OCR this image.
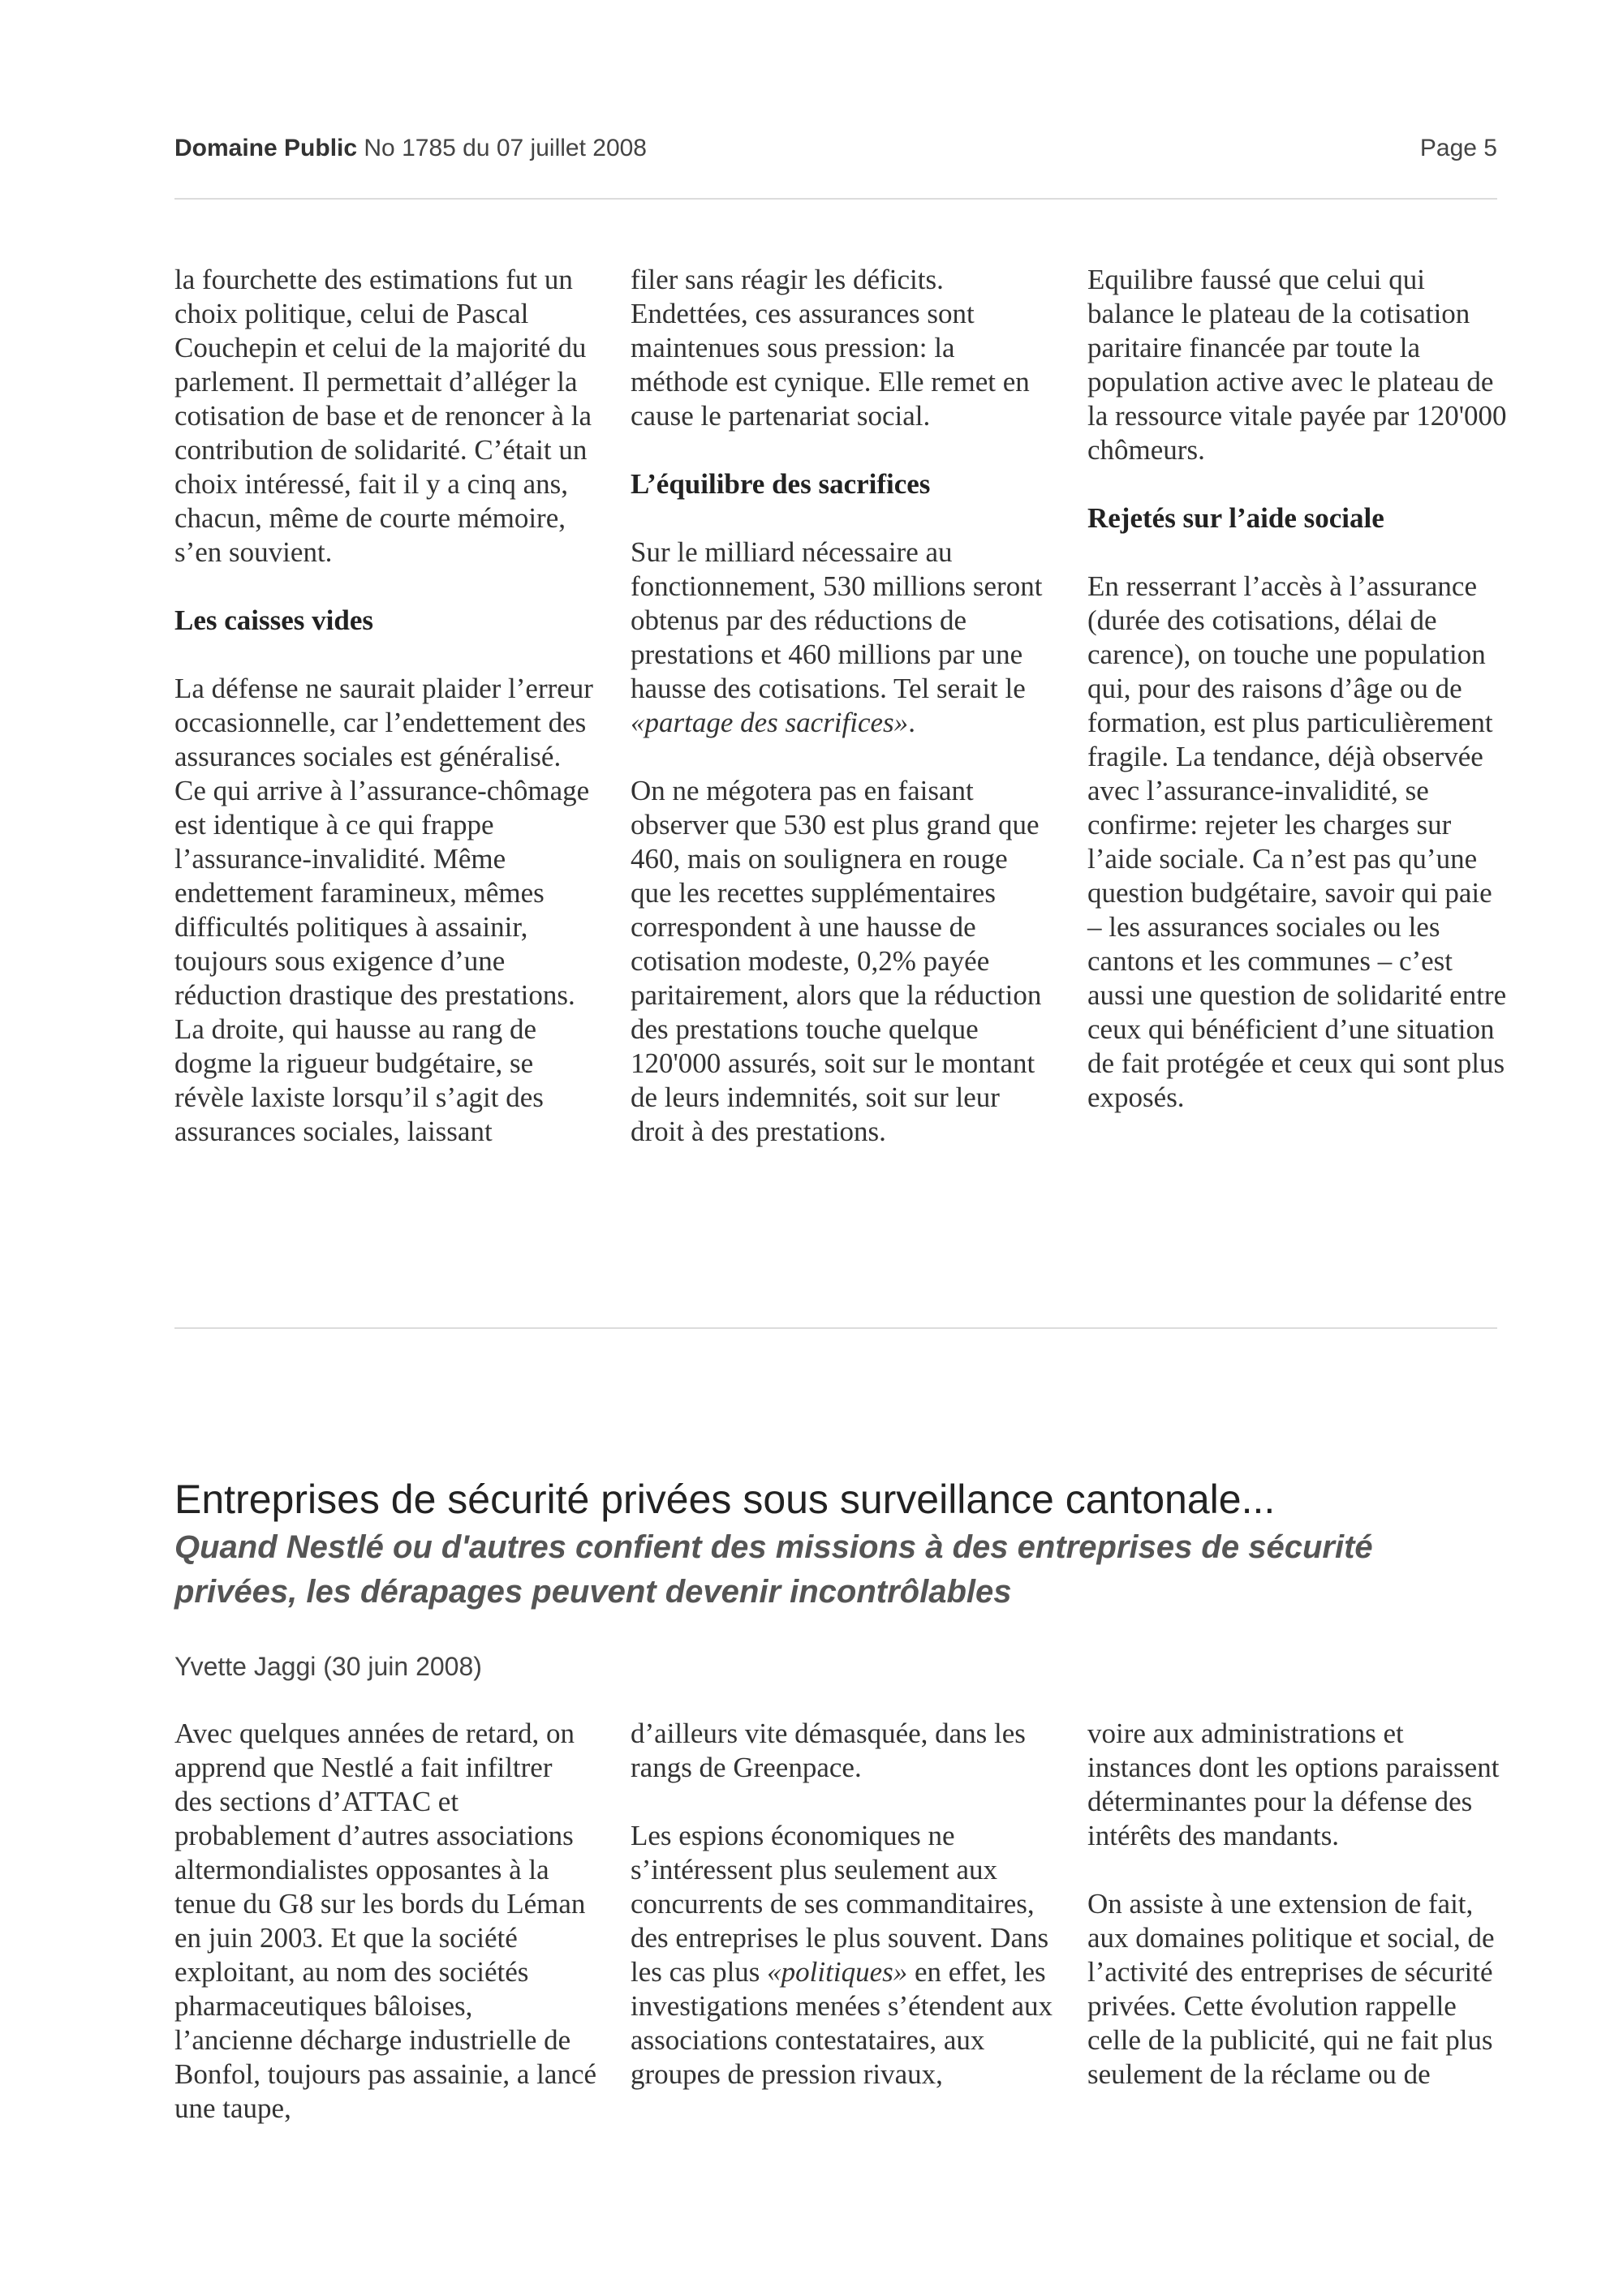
Domaine Public No 1785 du 07 juillet 2008	Page 5

la fourchette des estimations fut un choix politique, celui de Pascal Couchepin et celui de la majorité du parlement. Il permettait d’alléger la cotisation de base et de renoncer à la contribution de solidarité. C’était un choix intéressé, fait il y a cinq ans, chacun, même de courte mémoire, s’en souvient.

Les caisses vides

La défense ne saurait plaider l’erreur occasionnelle, car l’endettement des assurances sociales est généralisé. Ce qui arrive à l’assurance-chômage est identique à ce qui frappe l’assurance-invalidité. Même endettement faramineux, mêmes difficultés politiques à assainir, toujours sous exigence d’une réduction drastique des prestations. La droite, qui hausse au rang de dogme la rigueur budgétaire, se révèle laxiste lorsqu’il s’agit des assurances sociales, laissant

filer sans réagir les déficits. Endettées, ces assurances sont maintenues sous pression: la méthode est cynique. Elle remet en cause le partenariat social.

L’équilibre des sacrifices

Sur le milliard nécessaire au fonctionnement, 530 millions seront obtenus par des réductions de prestations et 460 millions par une hausse des cotisations. Tel serait le «partage des sacrifices».

On ne mégotera pas en faisant observer que 530 est plus grand que 460, mais on soulignera en rouge que les recettes supplémentaires correspondent à une hausse de cotisation modeste, 0,2% payée paritairement, alors que la réduction des prestations touche quelque 120'000 assurés, soit sur le montant de leurs indemnités, soit sur leur droit à des prestations.

Equilibre faussé que celui qui balance le plateau de la cotisation paritaire financée par toute la population active avec le plateau de la ressource vitale payée par 120'000 chômeurs.

Rejetés sur l’aide sociale

En resserrant l’accès à l’assurance (durée des cotisations, délai de carence), on touche une population qui, pour des raisons d’âge ou de formation, est plus particulièrement fragile. La tendance, déjà observée avec l’assurance-invalidité, se confirme: rejeter les charges sur l’aide sociale. Ca n’est pas qu’une question budgétaire, savoir qui paie – les assurances sociales ou les cantons et les communes – c’est aussi une question de solidarité entre ceux qui bénéficient d’une situation de fait protégée et ceux qui sont plus exposés.

Entreprises de sécurité privées sous surveillance cantonale...
Quand Nestlé ou d'autres confient des missions à des entreprises de sécurité privées, les dérapages peuvent devenir incontrôlables
Yvette Jaggi (30 juin 2008)

Avec quelques années de retard, on apprend que Nestlé a fait infiltrer des sections d’ATTAC et probablement d’autres associations altermondialistes opposantes à la tenue du G8 sur les bords du Léman en juin 2003. Et que la société exploitant, au nom des sociétés pharmaceutiques bâloises, l’ancienne décharge industrielle de Bonfol, toujours pas assainie, a lancé une taupe,

d’ailleurs vite démasquée, dans les rangs de Greenpace.

Les espions économiques ne s’intéressent plus seulement aux concurrents de ses commanditaires, des entreprises le plus souvent. Dans les cas plus «politiques» en effet, les investigations menées s’étendent aux associations contestataires, aux groupes de pression rivaux,

voire aux administrations et instances dont les options paraissent déterminantes pour la défense des intérêts des mandants.

On assiste à une extension de fait, aux domaines politique et social, de l’activité des entreprises de sécurité privées. Cette évolution rappelle celle de la publicité, qui ne fait plus seulement de la réclame ou de
